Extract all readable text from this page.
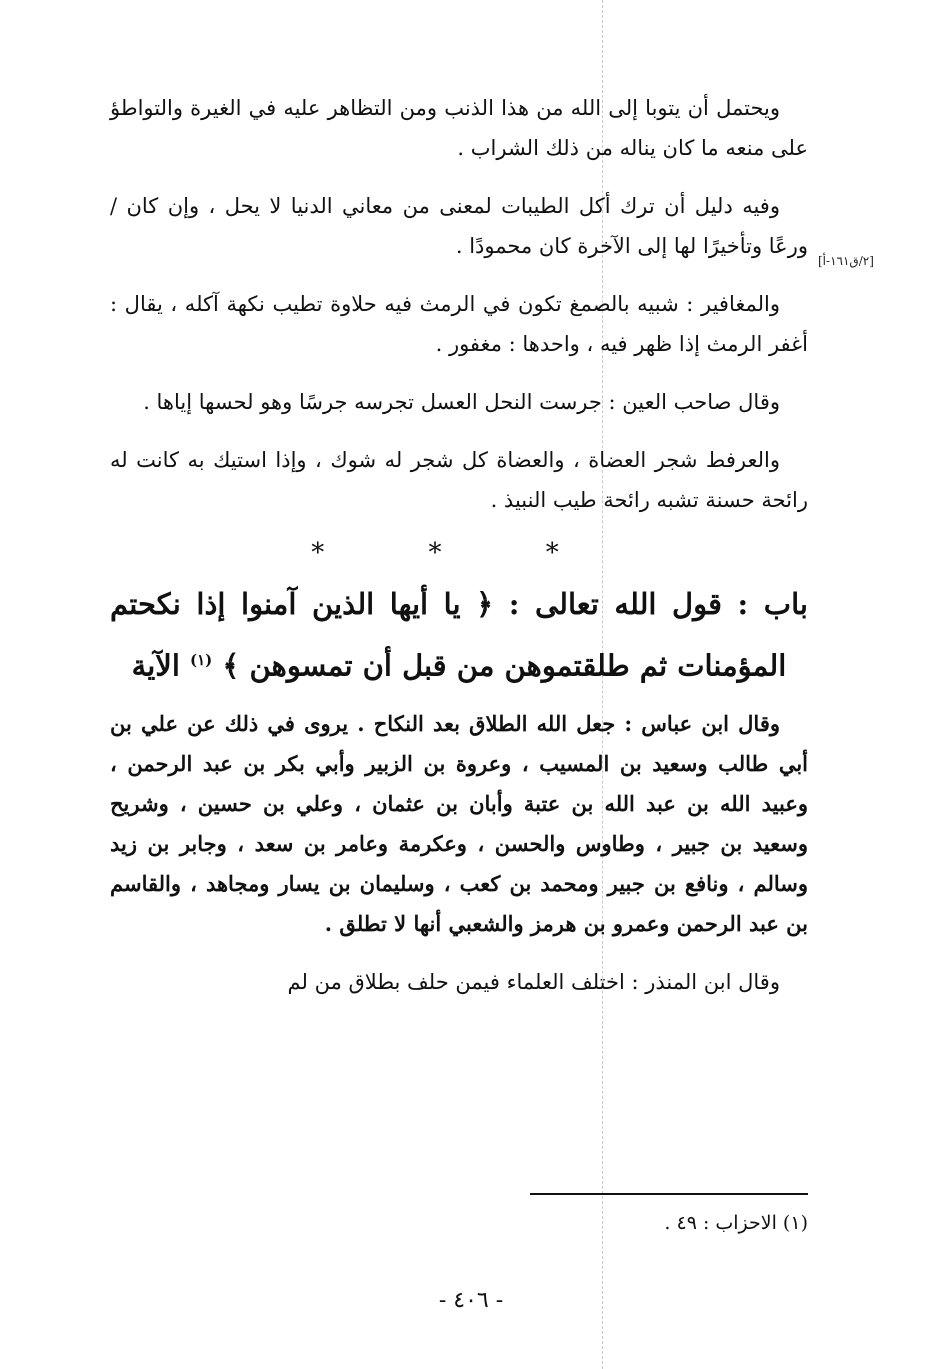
[٢/ق١٦١-أ]

ويحتمل أن يتوبا إلى الله من هذا الذنب ومن التظاهر عليه في الغيرة والتواطؤ على منعه ما كان يناله من ذلك الشراب .

وفيه دليل أن ترك أكل الطيبات لمعنى من معاني الدنيا لا يحل ، وإن كان / ورعًا وتأخيرًا لها إلى الآخرة كان محمودًا .

والمغافير : شبيه بالصمغ تكون في الرمث فيه حلاوة تطيب نكهة آكله ، يقال : أغفر الرمث إذا ظهر فيه ، واحدها : مغفور .

وقال صاحب العين : جرست النحل العسل تجرسه جرسًا وهو لحسها إياها .

والعرفط شجر العضاة ، والعضاة كل شجر له شوك ، وإذا استيك به كانت له رائحة حسنة تشبه رائحة طيب النبيذ .

* * *
باب : قول الله تعالى : ﴿ يا أيها الذين آمنوا إذا نكحتم المؤمنات ثم طلقتموهن من قبل أن تمسوهن ﴾ $^{(١)}$ الآية

وقال ابن عباس : جعل الله الطلاق بعد النكاح . يروى في ذلك عن علي بن أبي طالب وسعيد بن المسيب ، وعروة بن الزبير وأبي بكر بن عبد الرحمن ، وعبيد الله بن عبد الله بن عتبة وأبان بن عثمان ، وعلي بن حسين ، وشريح وسعيد بن جبير ، وطاوس والحسن ، وعكرمة وعامر بن سعد ، وجابر بن زيد وسالم ، ونافع بن جبير ومحمد بن كعب ، وسليمان بن يسار ومجاهد ، والقاسم بن عبد الرحمن وعمرو بن هرمز والشعبي أنها لا تطلق .

وقال ابن المنذر : اختلف العلماء فيمن حلف بطلاق من لم

(١) الاحزاب : ٤٩ .
- ٤٠٦ -
